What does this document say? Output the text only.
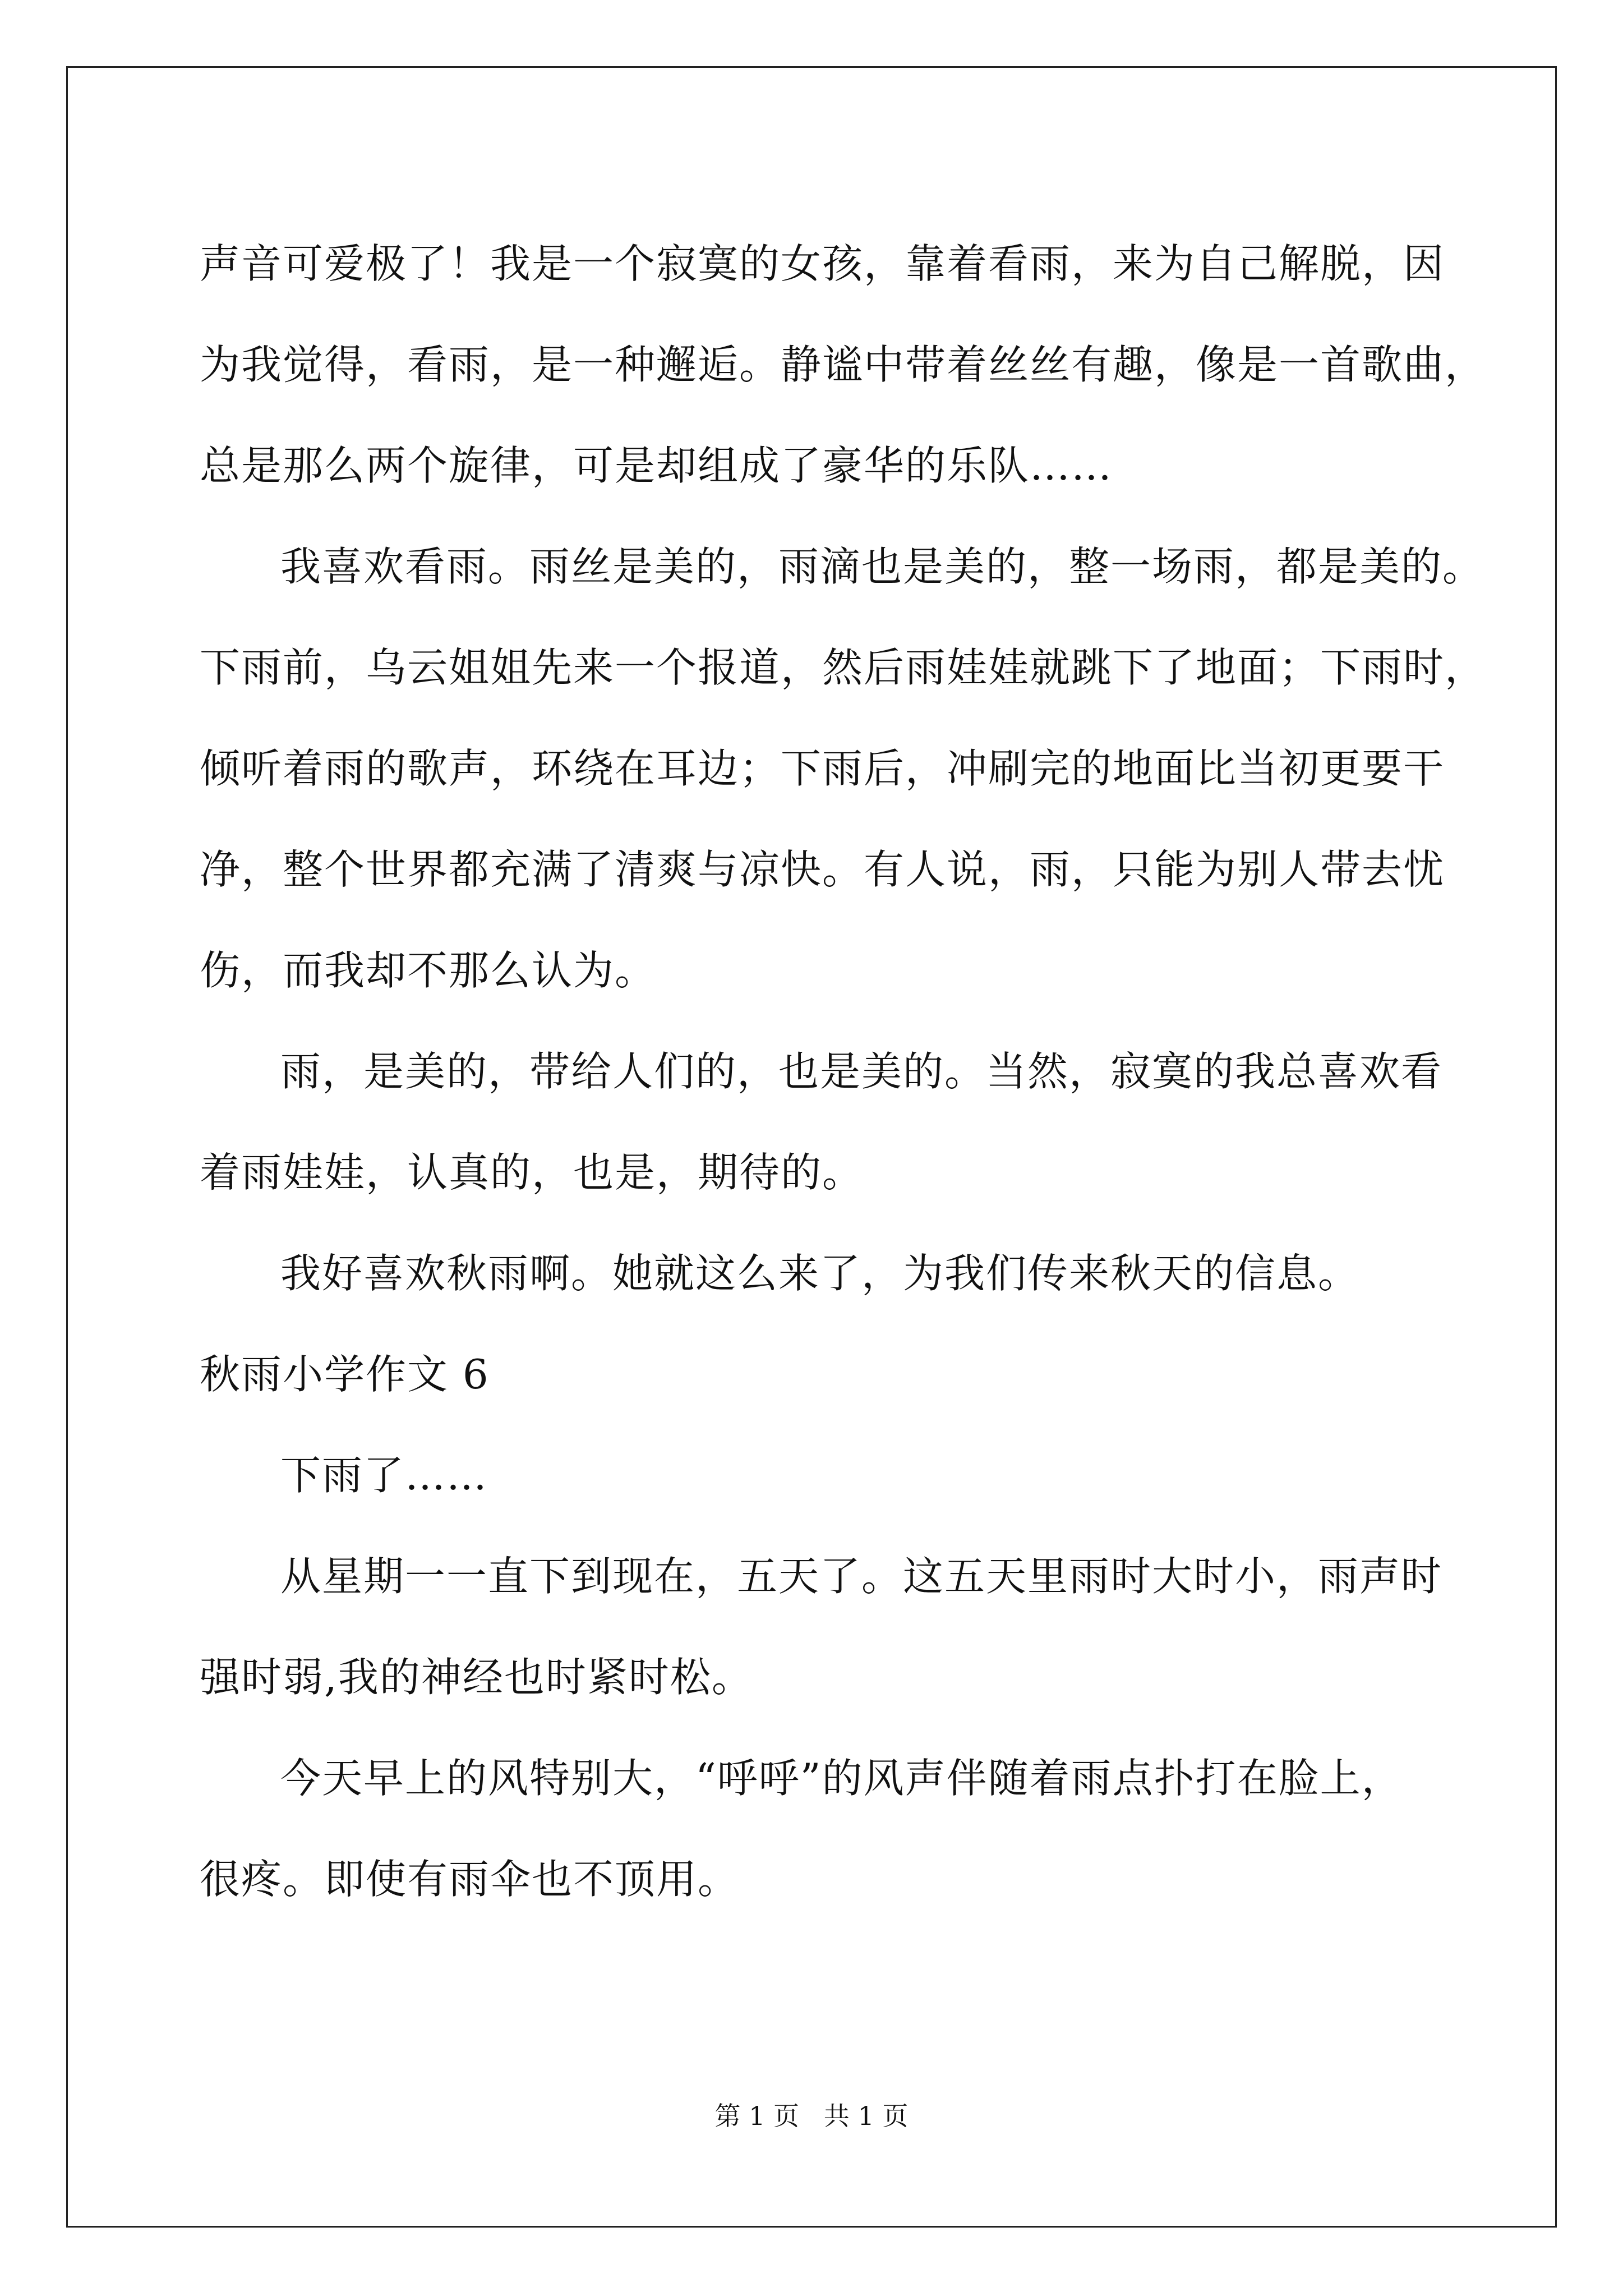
声音可爱极了！我是一个寂寞的女孩，靠着看雨，来为自己解脱，因
为我觉得，看雨，是一种邂逅。静谧中带着丝丝有趣，像是一首歌曲，
总是那么两个旋律，可是却组成了豪华的乐队……
我喜欢看雨。雨丝是美的，雨滴也是美的，整一场雨，都是美的。
下雨前，乌云姐姐先来一个报道，然后雨娃娃就跳下了地面；下雨时，
倾听着雨的歌声，环绕在耳边；下雨后，冲刷完的地面比当初更要干
净，整个世界都充满了清爽与凉快。有人说，雨，只能为别人带去忧
伤，而我却不那么认为。
雨，是美的，带给人们的，也是美的。当然，寂寞的我总喜欢看
着雨娃娃，认真的，也是，期待的。
我好喜欢秋雨啊。她就这么来了，为我们传来秋天的信息。
秋雨小学作文 6
下雨了……
从星期一一直下到现在，五天了。这五天里雨时大时小，雨声时
强时弱,我的神经也时紧时松。
今天早上的风特别大，“呼呼”的风声伴随着雨点扑打在脸上，
很疼。即使有雨伞也不顶用。
第 1 页   共 1 页
